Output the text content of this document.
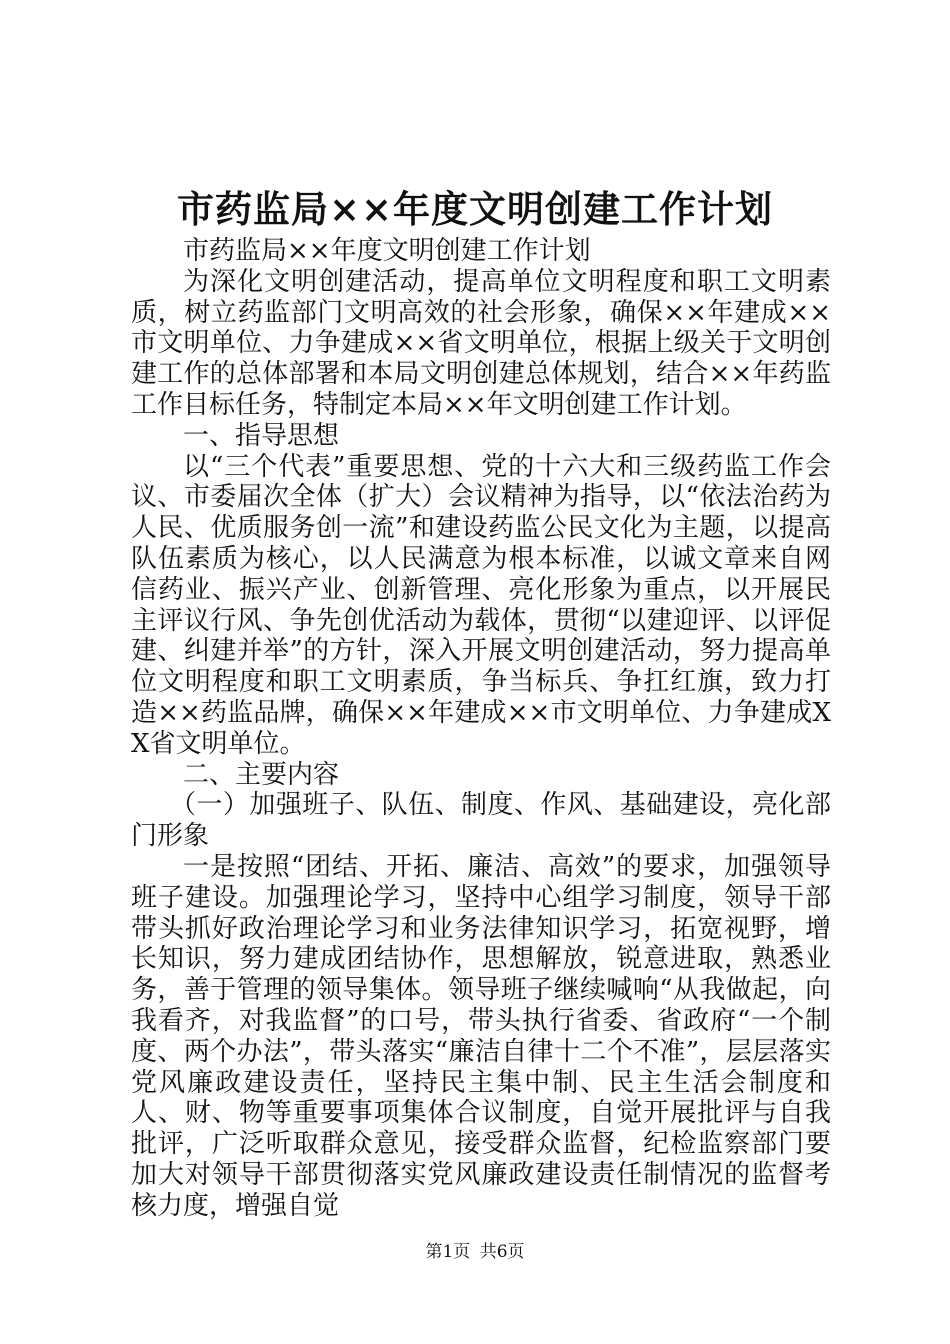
市药监局××年度文明创建工作计划

市药监局××年度文明创建工作计划

为深化文明创建活动，提高单位文明程度和职工文明素质，树立药监部门文明高效的社会形象，确保××年建成××市文明单位、力争建成××省文明单位，根据上级关于文明创建工作的总体部署和本局文明创建总体规划，结合××年药监工作目标任务，特制定本局××年文明创建工作计划。

一、指导思想

以“三个代表”重要思想、党的十六大和三级药监工作会议、市委届次全体（扩大）会议精神为指导，以“依法治药为人民、优质服务创一流”和建设药监公民文化为主题，以提高队伍素质为核心，以人民满意为根本标准，以诚文章来自网信药业、振兴产业、创新管理、亮化形象为重点，以开展民主评议行风、争先创优活动为载体，贯彻“以建迎评、以评促建、纠建并举”的方针，深入开展文明创建活动，努力提高单位文明程度和职工文明素质，争当标兵、争扛红旗，致力打造××药监品牌，确保××年建成××市文明单位、力争建成XX省文明单位。

二、主要内容

（一）加强班子、队伍、制度、作风、基础建设，亮化部门形象

一是按照“团结、开拓、廉洁、高效”的要求，加强领导班子建设。加强理论学习，坚持中心组学习制度，领导干部带头抓好政治理论学习和业务法律知识学习，拓宽视野，增长知识，努力建成团结协作，思想解放，锐意进取，熟悉业务，善于管理的领导集体。领导班子继续喊响“从我做起，向我看齐，对我监督”的口号，带头执行省委、省政府“一个制度、两个办法”，带头落实“廉洁自律十二个不准”，层层落实党风廉政建设责任，坚持民主集中制、民主生活会制度和人、财、物等重要事项集体合议制度，自觉开展批评与自我批评，广泛听取群众意见，接受群众监督，纪检监察部门要加大对领导干部贯彻落实党风廉政建设责任制情况的监督考核力度，增强自觉

第1页 共6页
